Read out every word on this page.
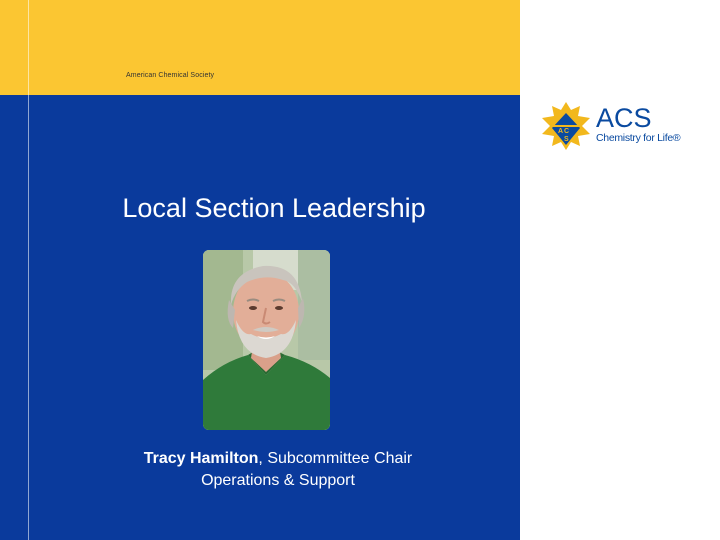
American Chemical Society
Local Section Leadership
Tracy Hamilton, Subcommittee Chair
Operations & Support
A C
S
ACS
Chemistry for Life®
